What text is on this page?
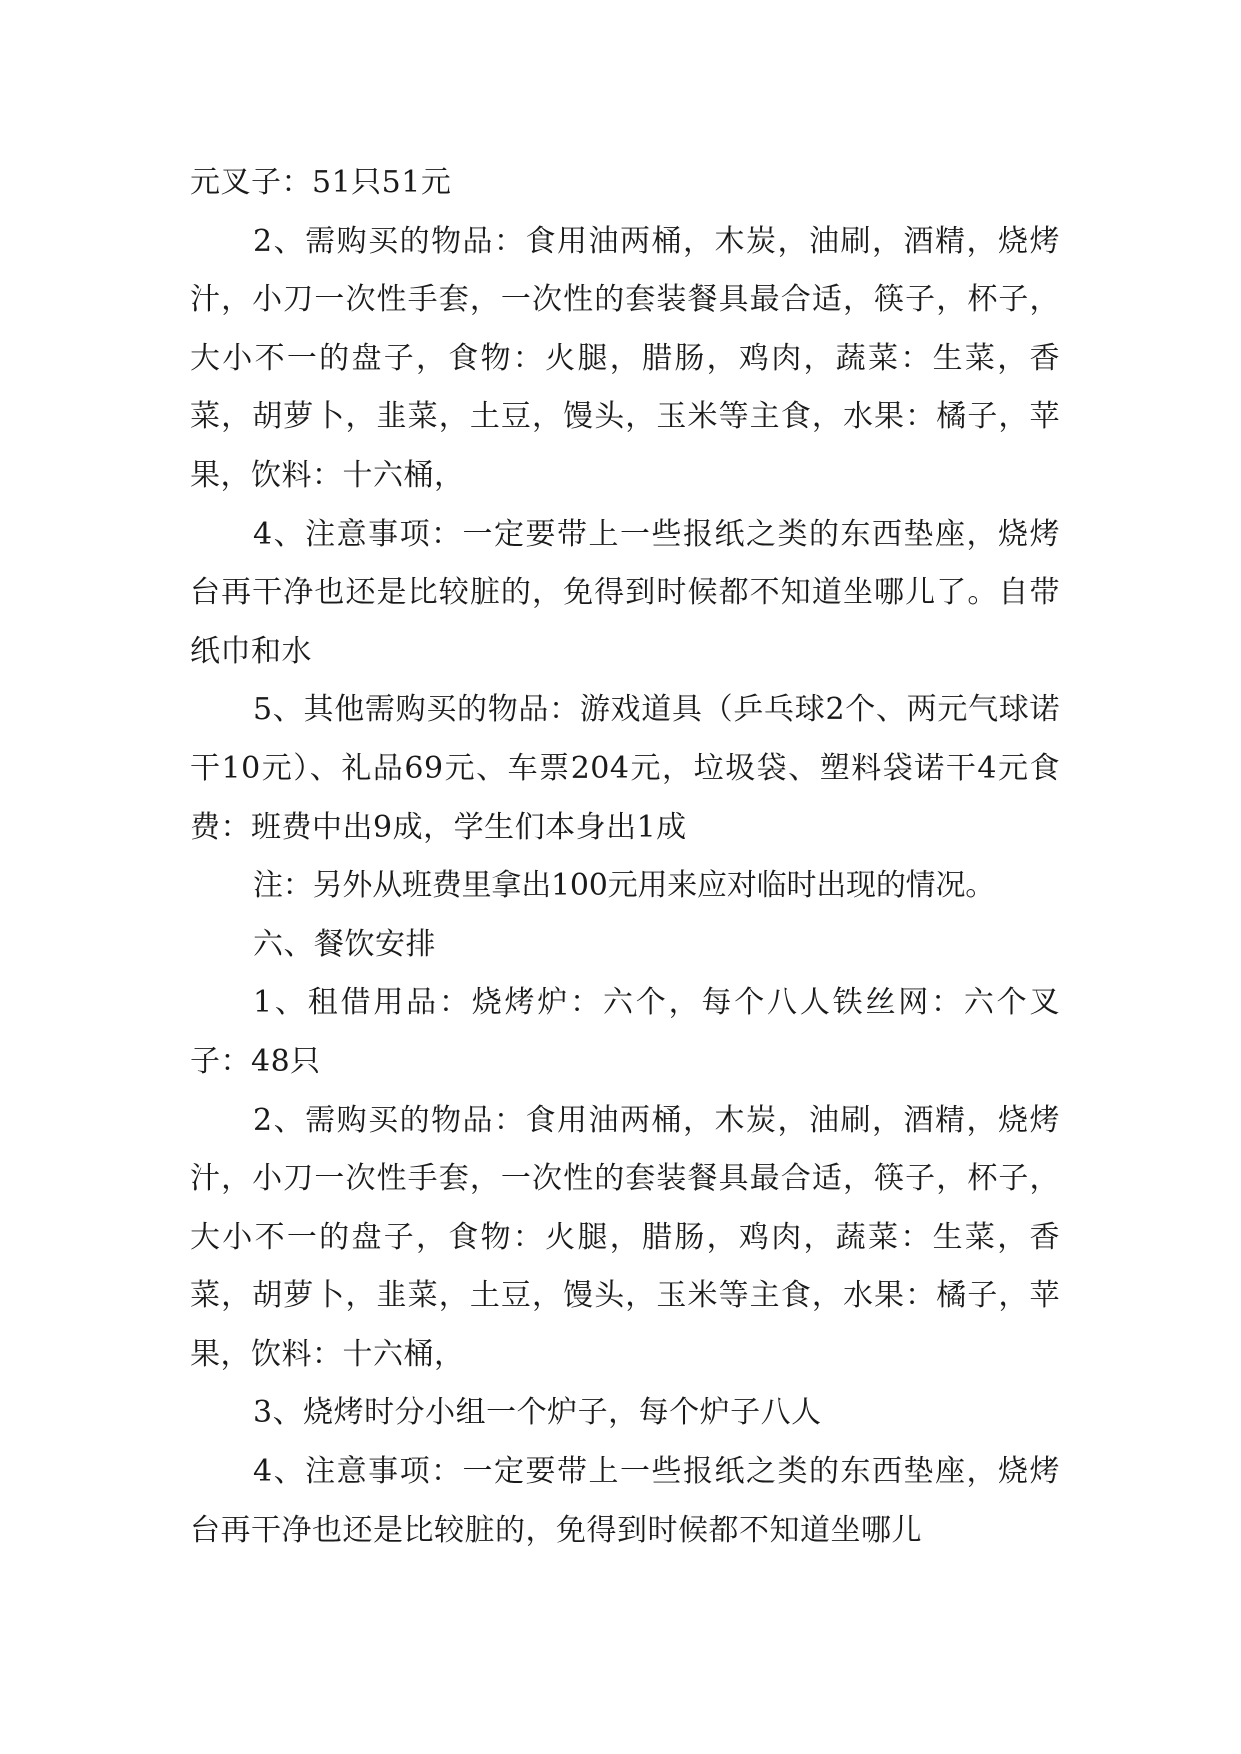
元叉子：51只51元

2、需购买的物品：食用油两桶，木炭，油刷，酒精，烧烤汁，小刀一次性手套，一次性的套装餐具最合适，筷子，杯子，大小不一的盘子，食物：火腿，腊肠，鸡肉，蔬菜：生菜，香菜，胡萝卜，韭菜，土豆，馒头，玉米等主食，水果：橘子，苹果，饮料：十六桶，

4、注意事项：一定要带上一些报纸之类的东西垫座，烧烤台再干净也还是比较脏的，免得到时候都不知道坐哪儿了。自带纸巾和水

5、其他需购买的物品：游戏道具（乒乓球2个、两元气球诺干10元）、礼品69元、车票204元，垃圾袋、塑料袋诺干4元食费：班费中出9成，学生们本身出1成

注：另外从班费里拿出100元用来应对临时出现的情况。

六、餐饮安排

1、租借用品：烧烤炉：六个，每个八人铁丝网：六个叉子：48只

2、需购买的物品：食用油两桶，木炭，油刷，酒精，烧烤汁，小刀一次性手套，一次性的套装餐具最合适，筷子，杯子，大小不一的盘子，食物：火腿，腊肠，鸡肉，蔬菜：生菜，香菜，胡萝卜，韭菜，土豆，馒头，玉米等主食，水果：橘子，苹果，饮料：十六桶，

3、烧烤时分小组一个炉子，每个炉子八人

4、注意事项：一定要带上一些报纸之类的东西垫座，烧烤台再干净也还是比较脏的，免得到时候都不知道坐哪儿
